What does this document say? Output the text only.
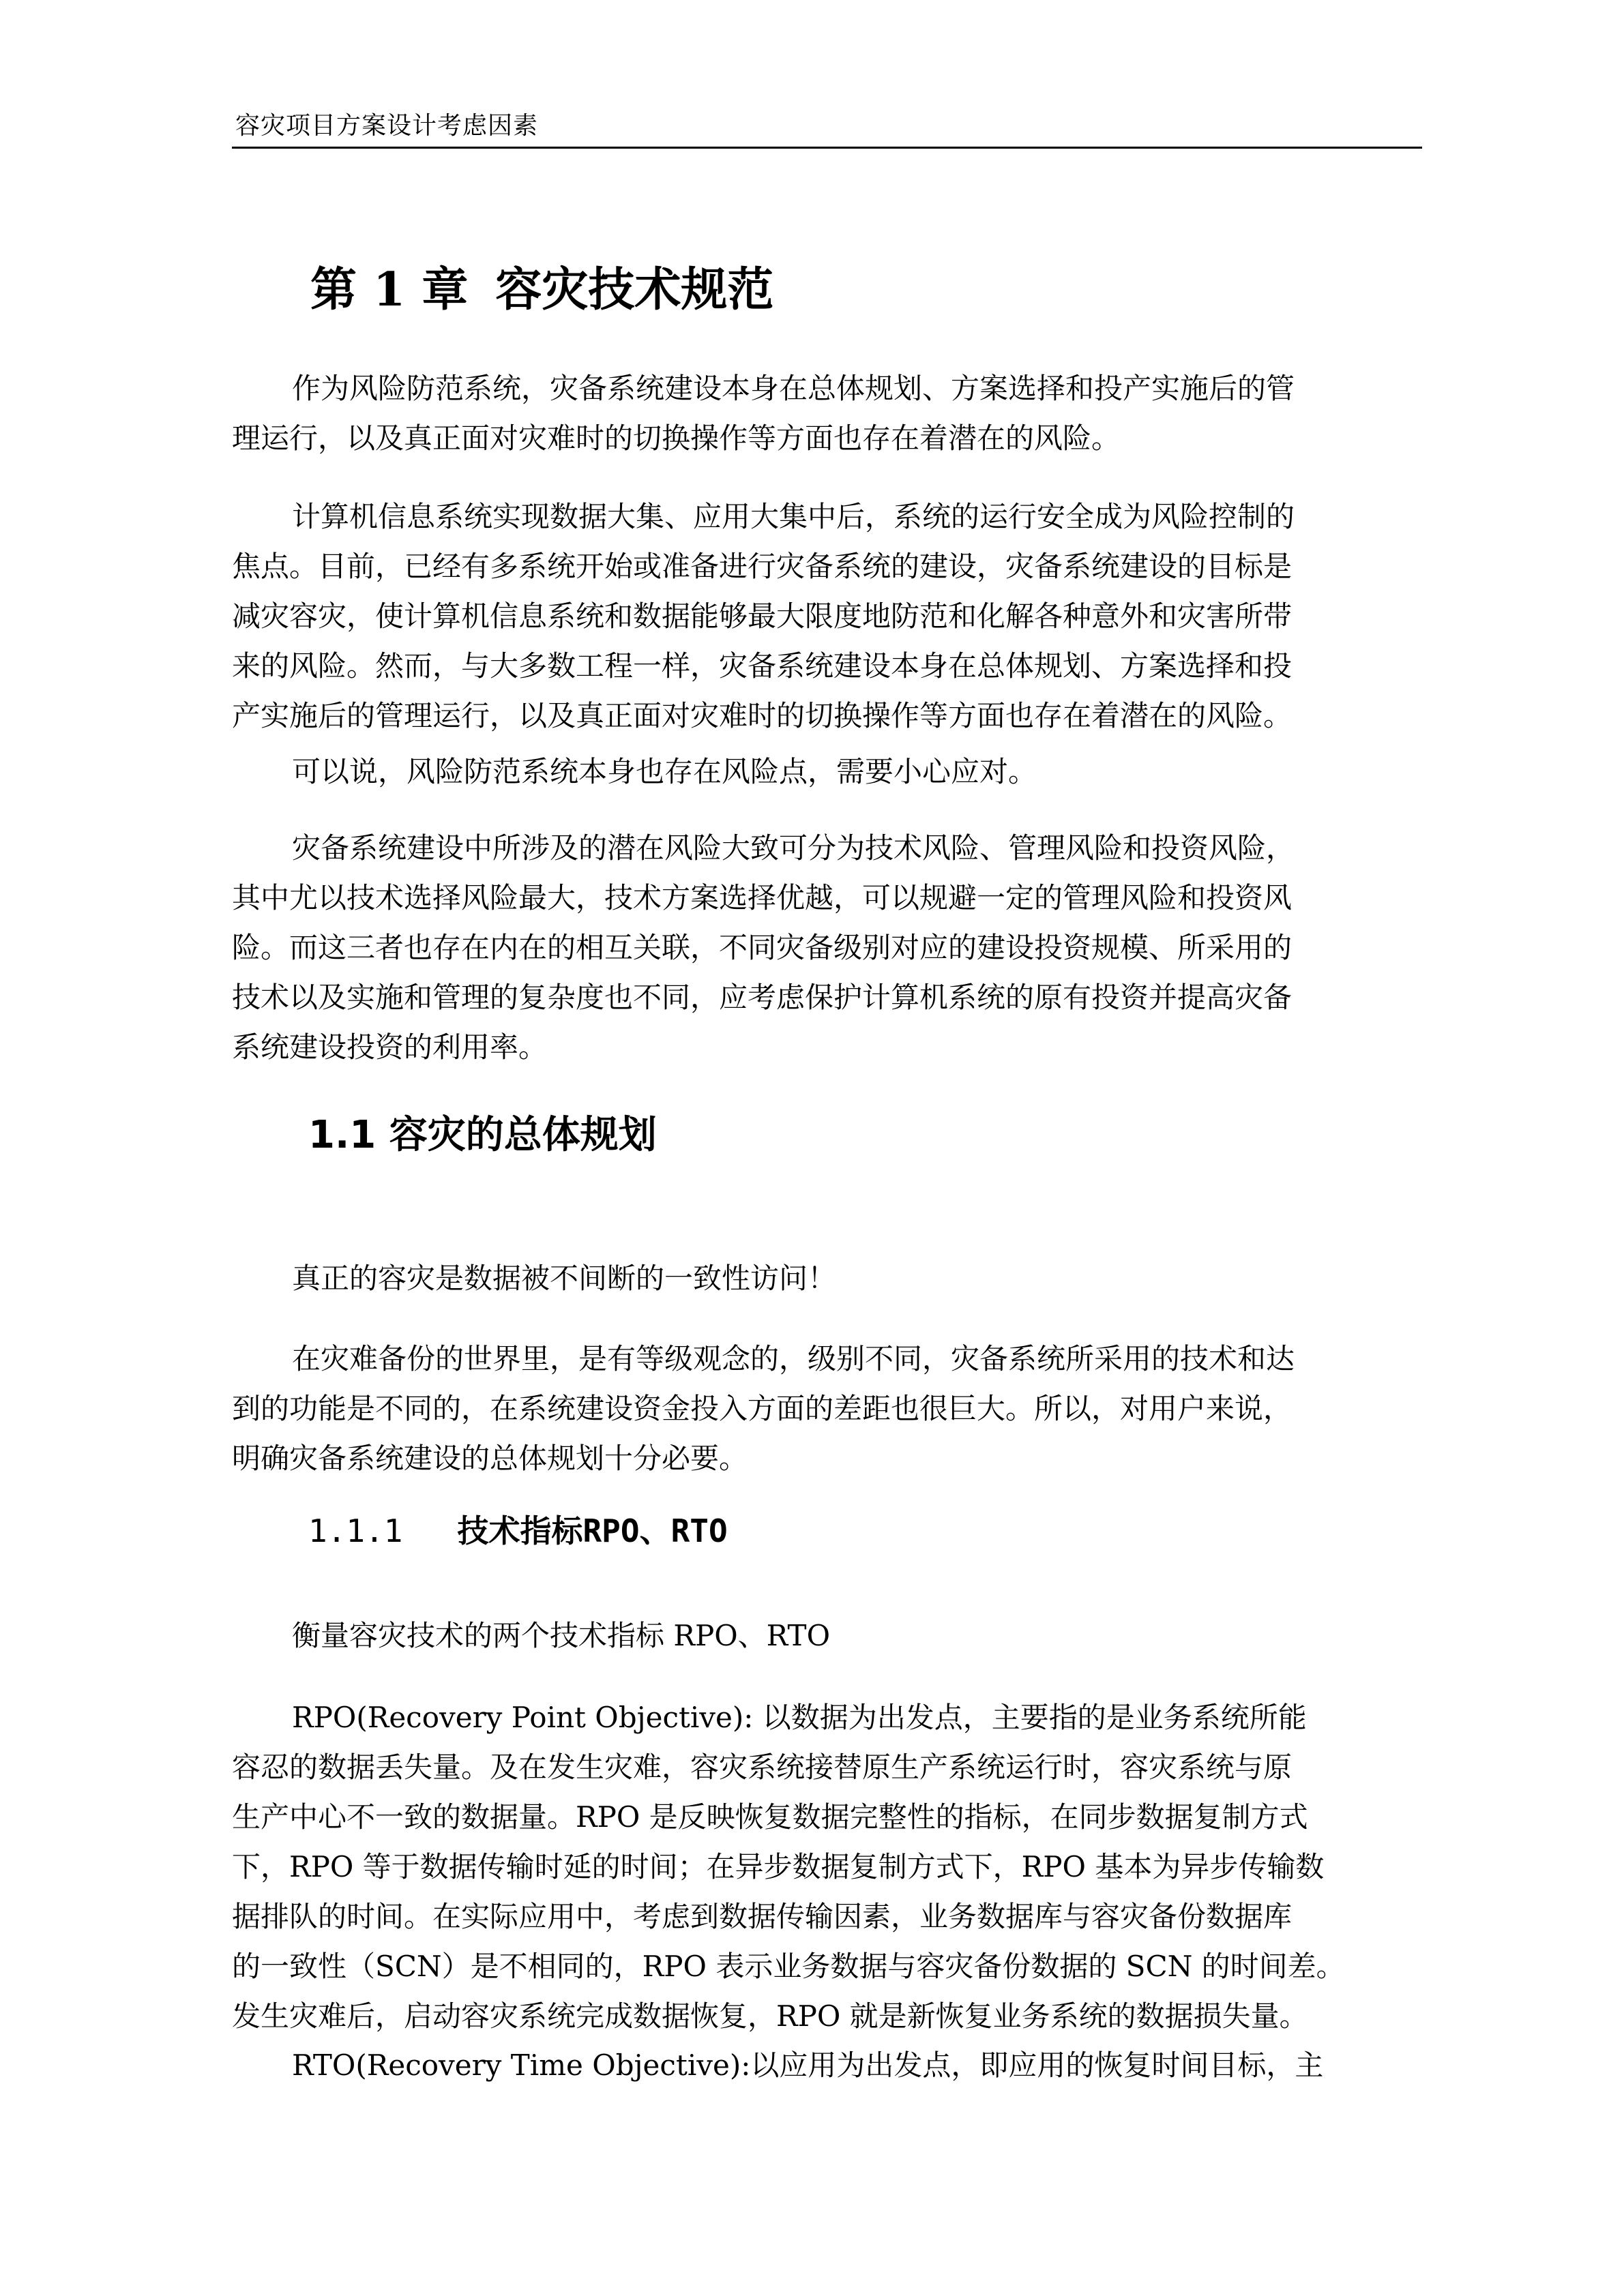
容灾项目方案设计考虑因素
第 1 章 容灾技术规范
作为风险防范系统，灾备系统建设本身在总体规划、方案选择和投产实施后的管
理运行，以及真正面对灾难时的切换操作等方面也存在着潜在的风险。
计算机信息系统实现数据大集、应用大集中后，系统的运行安全成为风险控制的
焦点。目前，已经有多系统开始或准备进行灾备系统的建设，灾备系统建设的目标是
减灾容灾，使计算机信息系统和数据能够最大限度地防范和化解各种意外和灾害所带
来的风险。然而，与大多数工程一样，灾备系统建设本身在总体规划、方案选择和投
产实施后的管理运行，以及真正面对灾难时的切换操作等方面也存在着潜在的风险。
可以说，风险防范系统本身也存在风险点，需要小心应对。
灾备系统建设中所涉及的潜在风险大致可分为技术风险、管理风险和投资风险，
其中尤以技术选择风险最大，技术方案选择优越，可以规避一定的管理风险和投资风
险。而这三者也存在内在的相互关联，不同灾备级别对应的建设投资规模、所采用的
技术以及实施和管理的复杂度也不同，应考虑保护计算机系统的原有投资并提高灾备
系统建设投资的利用率。
1.1 容灾的总体规划
真正的容灾是数据被不间断的一致性访问！
在灾难备份的世界里，是有等级观念的，级别不同，灾备系统所采用的技术和达
到的功能是不同的，在系统建设资金投入方面的差距也很巨大。所以，对用户来说，
明确灾备系统建设的总体规划十分必要。
1.1.1 技术指标RPO、RTO
衡量容灾技术的两个技术指标 RPO、RTO
RPO(Recovery Point Objective): 以数据为出发点，主要指的是业务系统所能
容忍的数据丢失量。及在发生灾难，容灾系统接替原生产系统运行时，容灾系统与原
生产中心不一致的数据量。RPO 是反映恢复数据完整性的指标，在同步数据复制方式
下，RPO 等于数据传输时延的时间；在异步数据复制方式下，RPO 基本为异步传输数
据排队的时间。在实际应用中，考虑到数据传输因素，业务数据库与容灾备份数据库
的一致性（SCN）是不相同的，RPO 表示业务数据与容灾备份数据的 SCN 的时间差。
发生灾难后，启动容灾系统完成数据恢复，RPO 就是新恢复业务系统的数据损失量。
RTO(Recovery Time Objective):以应用为出发点，即应用的恢复时间目标，主
